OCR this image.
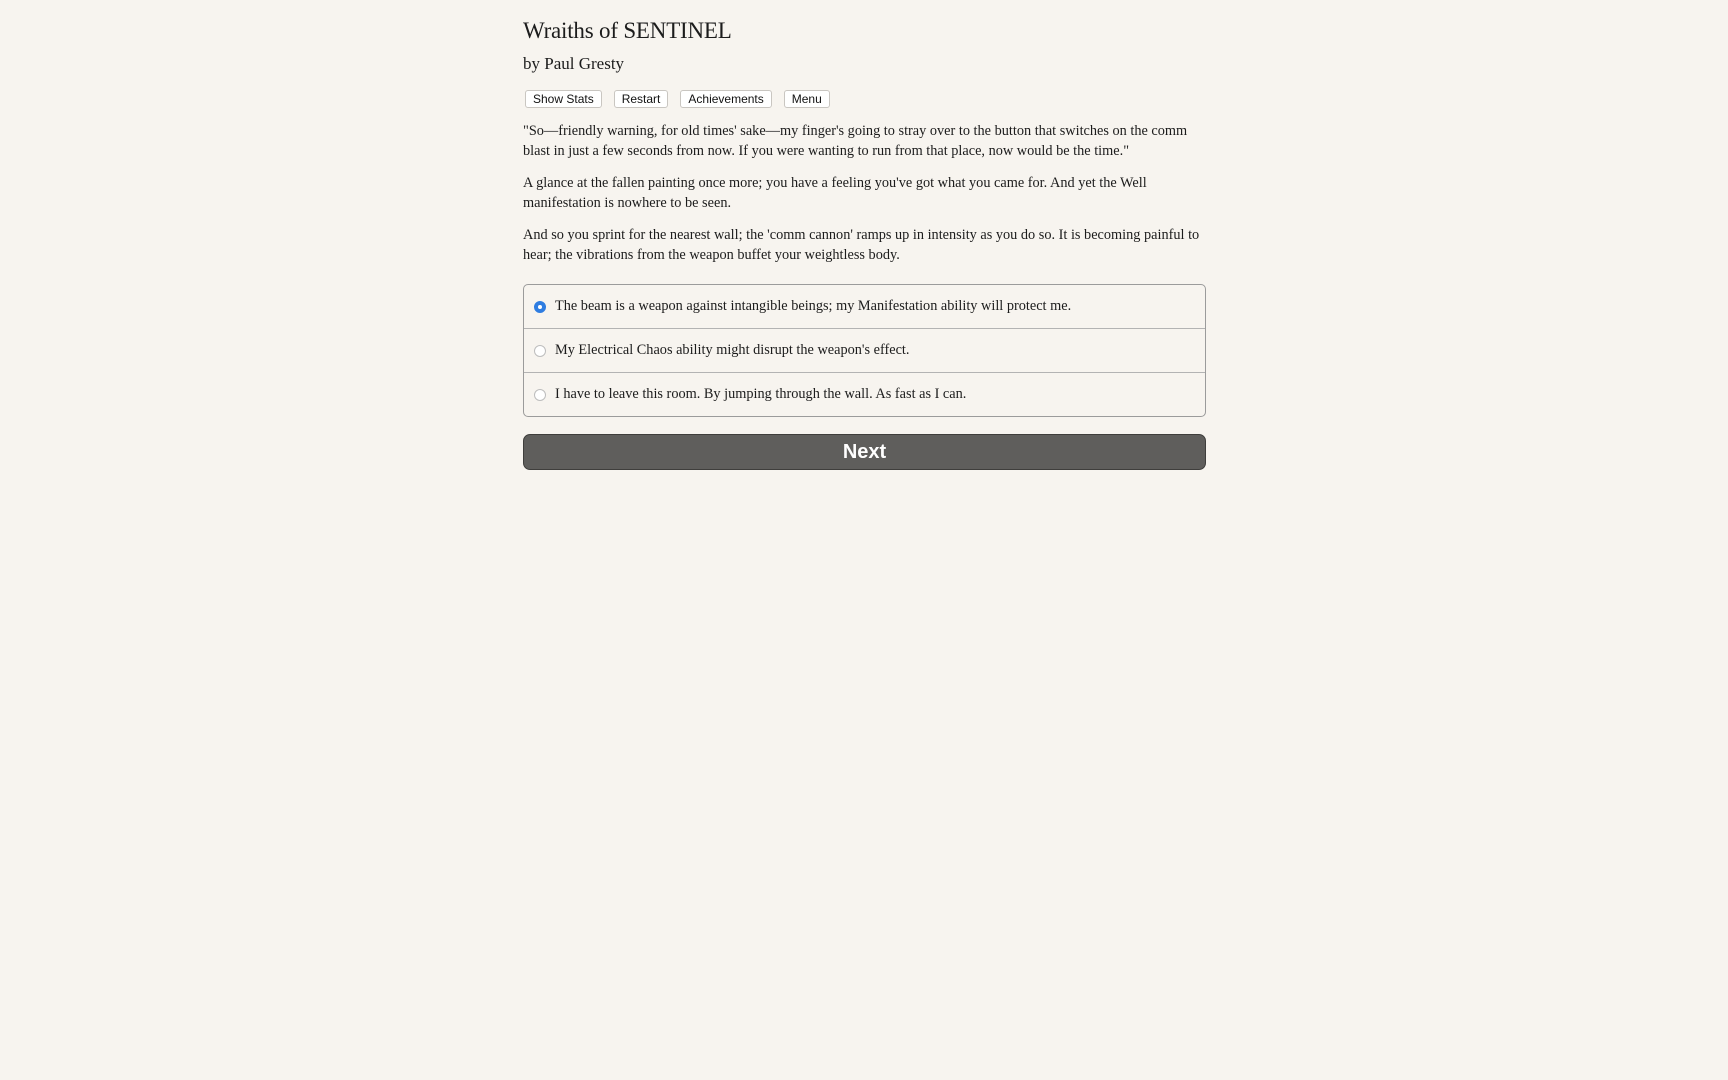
Wraiths of SENTINEL
by Paul Gresty
Show Stats	Restart	Achievements	Menu

"So—friendly warning, for old times' sake—my finger's going to stray over to the button that switches on the comm blast in just a few seconds from now. If you were wanting to run from that place, now would be the time."

A glance at the fallen painting once more; you have a feeling you've got what you came for. And yet the Well manifestation is nowhere to be seen.

And so you sprint for the nearest wall; the 'comm cannon' ramps up in intensity as you do so. It is becoming painful to hear; the vibrations from the weapon buffet your weightless body.

The beam is a weapon against intangible beings; my Manifestation ability will protect me.
My Electrical Chaos ability might disrupt the weapon's effect.
I have to leave this room. By jumping through the wall. As fast as I can.
Next
